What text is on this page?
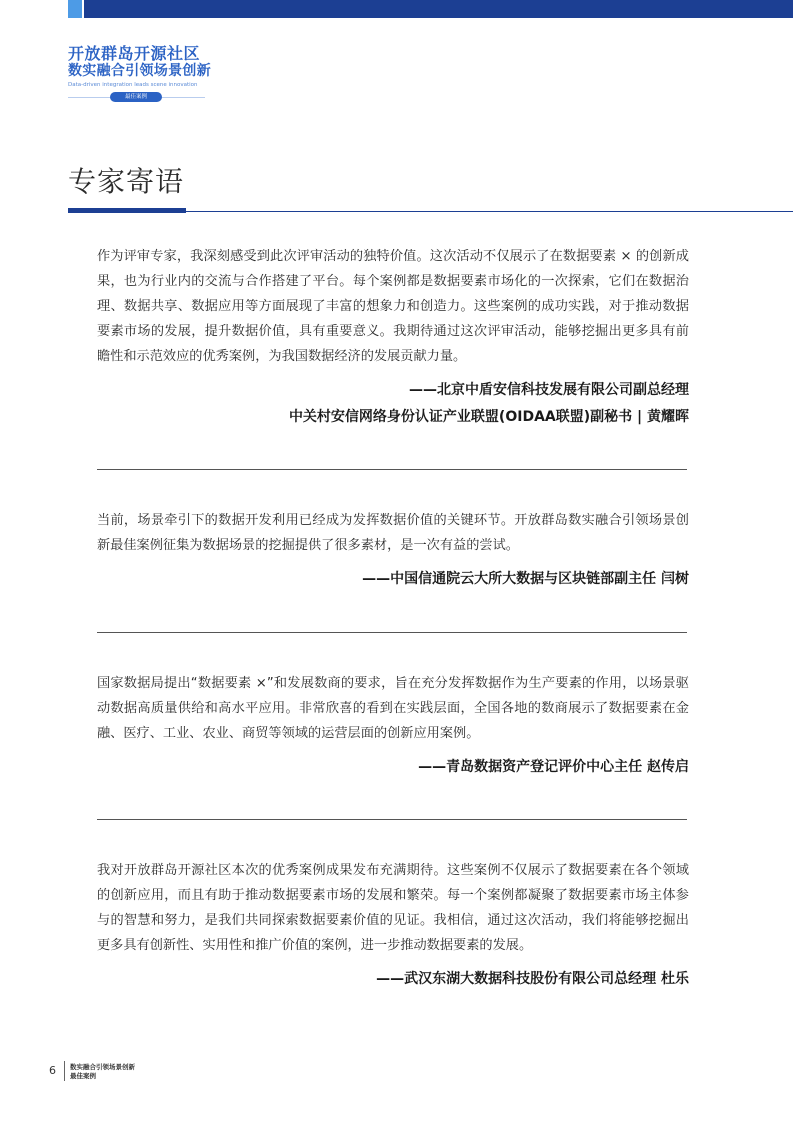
开放群岛开源社区
数实融合引领场景创新
Data-driven integration leads scene innovation
最佳案例
专家寄语

作为评审专家，我深刻感受到此次评审活动的独特价值。这次活动不仅展示了在数据要素 × 的创新成果，也为行业内的交流与合作搭建了平台。每个案例都是数据要素市场化的一次探索，它们在数据治理、数据共享、数据应用等方面展现了丰富的想象力和创造力。这些案例的成功实践，对于推动数据要素市场的发展，提升数据价值，具有重要意义。我期待通过这次评审活动，能够挖掘出更多具有前瞻性和示范效应的优秀案例，为我国数据经济的发展贡献力量。

——北京中盾安信科技发展有限公司副总经理
中关村安信网络身份认证产业联盟(OIDAA联盟)副秘书 | 黄耀晖

当前，场景牵引下的数据开发利用已经成为发挥数据价值的关键环节。开放群岛数实融合引领场景创新最佳案例征集为数据场景的挖掘提供了很多素材，是一次有益的尝试。

——中国信通院云大所大数据与区块链部副主任 闫树

国家数据局提出“数据要素 ×”和发展数商的要求，旨在充分发挥数据作为生产要素的作用，以场景驱动数据高质量供给和高水平应用。非常欣喜的看到在实践层面，全国各地的数商展示了数据要素在金融、医疗、工业、农业、商贸等领域的运营层面的创新应用案例。

——青岛数据资产登记评价中心主任 赵传启

我对开放群岛开源社区本次的优秀案例成果发布充满期待。这些案例不仅展示了数据要素在各个领域的创新应用，而且有助于推动数据要素市场的发展和繁荣。每一个案例都凝聚了数据要素市场主体参与的智慧和努力，是我们共同探索数据要素价值的见证。我相信，通过这次活动，我们将能够挖掘出更多具有创新性、实用性和推广价值的案例，进一步推动数据要素的发展。

——武汉东湖大数据科技股份有限公司总经理 杜乐
6 数实融合引领场景创新
最佳案例
